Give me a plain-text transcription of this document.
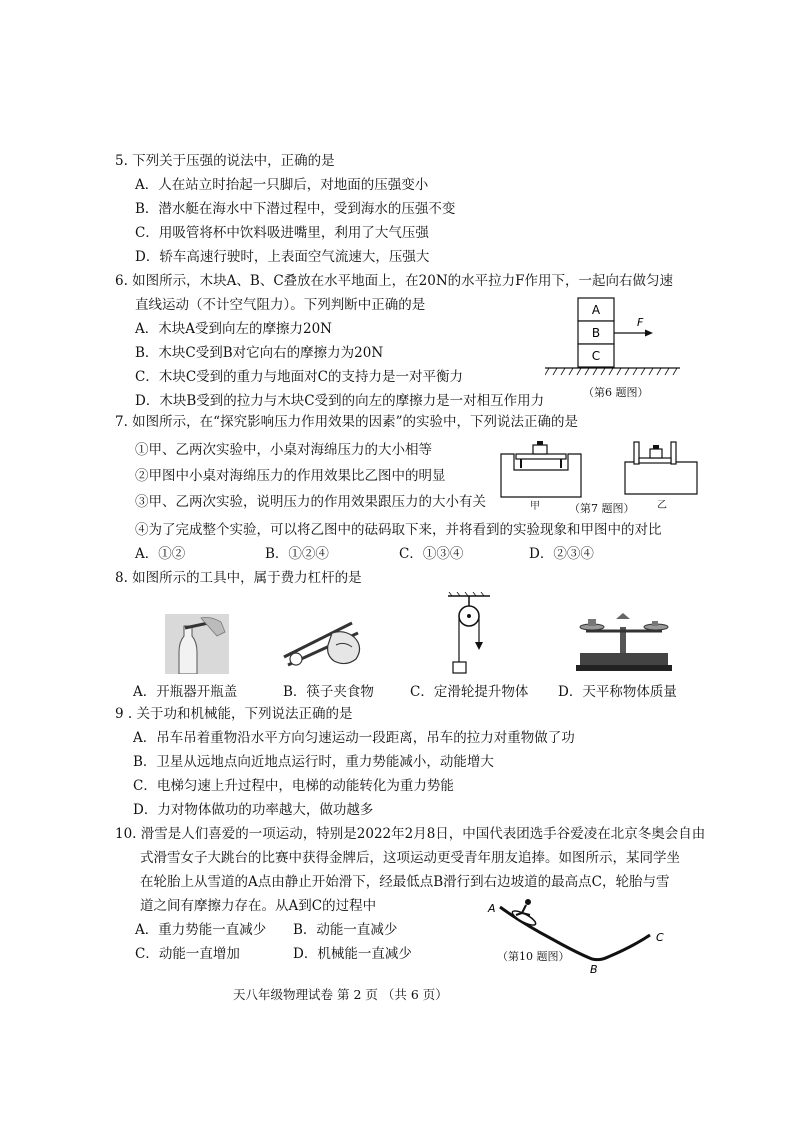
5. 下列关于压强的说法中，正确的是
A．人在站立时抬起一只脚后，对地面的压强变小
B．潜水艇在海水中下潜过程中，受到海水的压强不变
C．用吸管将杯中饮料吸进嘴里，利用了大气压强
D．轿车高速行驶时，上表面空气流速大，压强大
6. 如图所示，木块A、B、C叠放在水平地面上，在20N的水平拉力F作用下，一起向右做匀速
直线运动（不计空气阻力）。下列判断中正确的是
A．木块A受到向左的摩擦力20N
B．木块C受到B对它向右的摩擦力为20N
C．木块C受到的重力与地面对C的支持力是一对平衡力
D．木块B受到的拉力与木块C受到的向左的摩擦力是一对相互作用力
A
B
C
F
（第6 题图）
7. 如图所示，在“探究影响压力作用效果的因素”的实验中，下列说法正确的是
①甲、乙两次实验中，小桌对海绵压力的大小相等
②甲图中小桌对海绵压力的作用效果比乙图中的明显
③甲、乙两次实验，说明压力的作用效果跟压力的大小有关
④为了完成整个实验，可以将乙图中的砝码取下来，并将看到的实验现象和甲图中的对比
A．①②	B．①②④	C．①③④	D．②③④
甲	（第7 题图） 乙
8. 如图所示的工具中，属于费力杠杆的是
A．开瓶器开瓶盖	B．筷子夹食物	C．定滑轮提升物体 D．天平称物体质量
9 . 关于功和机械能，下列说法正确的是
A．吊车吊着重物沿水平方向匀速运动一段距离，吊车的拉力对重物做了功
B．卫星从远地点向近地点运行时，重力势能减小，动能增大
C．电梯匀速上升过程中，电梯的动能转化为重力势能
D．力对物体做功的功率越大，做功越多
10. 滑雪是人们喜爱的一项运动，特别是2022年2月8日，中国代表团选手谷爱凌在北京冬奥会自由
式滑雪女子大跳台的比赛中获得金牌后，这项运动更受青年朋友追捧。如图所示，某同学坐
在轮胎上从雪道的A点由静止开始滑下，经最低点B滑行到右边坡道的最高点C，轮胎与雪
道之间有摩擦力存在。从A到C的过程中
A．重力势能一直减少 B．动能一直减少
C．动能一直增加	D．机械能一直减少
A
B
C
（第10 题图）
天八年级物理试卷 第 2 页 （共 6 页）
